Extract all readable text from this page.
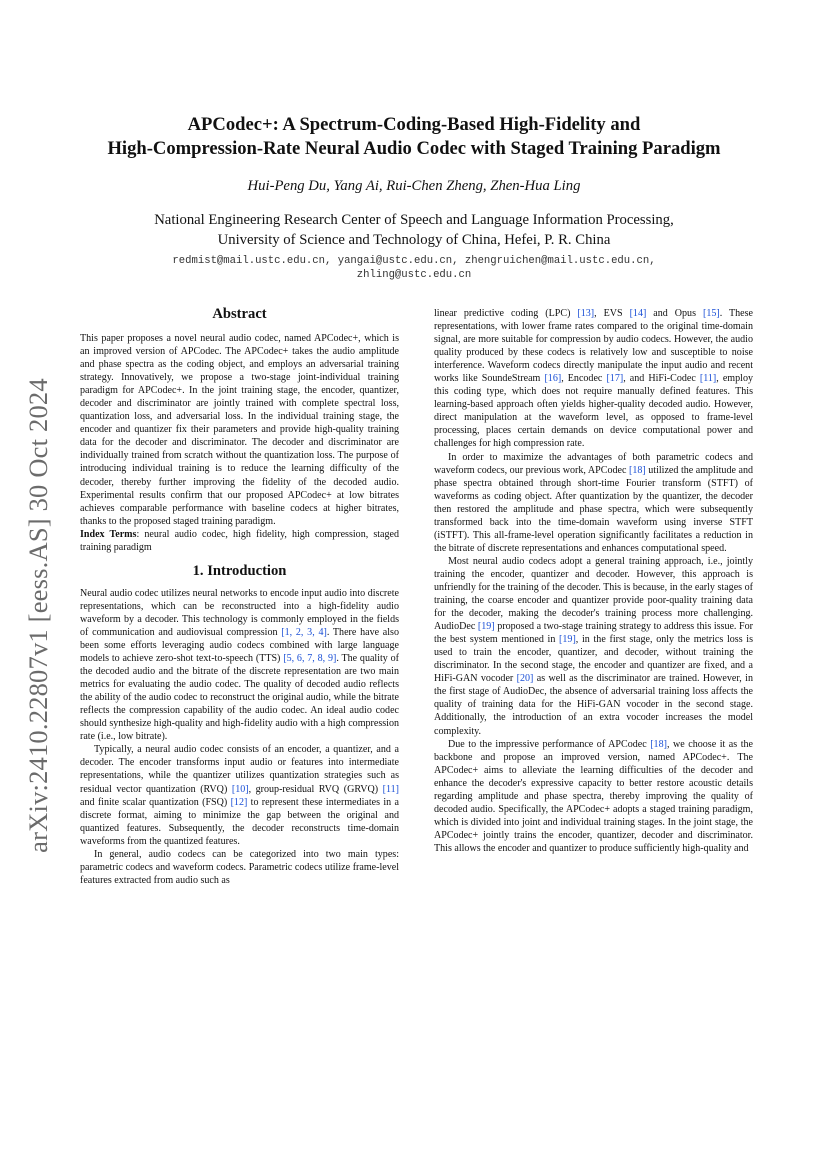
arXiv:2410.22807v1 [eess.AS] 30 Oct 2024
APCodec+: A Spectrum-Coding-Based High-Fidelity and
High-Compression-Rate Neural Audio Codec with Staged Training Paradigm

Hui-Peng Du, Yang Ai, Rui-Chen Zheng, Zhen-Hua Ling

National Engineering Research Center of Speech and Language Information Processing,
University of Science and Technology of China, Hefei, P. R. China

redmist@mail.ustc.edu.cn, yangai@ustc.edu.cn, zhengruichen@mail.ustc.edu.cn,
zhling@ustc.edu.cn

Abstract

This paper proposes a novel neural audio codec, named APCodec+, which is an improved version of APCodec. The APCodec+ takes the audio amplitude and phase spectra as the coding object, and employs an adversarial training strategy. Innovatively, we propose a two-stage joint-individual training paradigm for APCodec+. In the joint training stage, the encoder, quantizer, decoder and discriminator are jointly trained with complete spectral loss, quantization loss, and adversarial loss. In the individual training stage, the encoder and quantizer fix their parameters and provide high-quality training data for the decoder and discriminator. The decoder and discriminator are individually trained from scratch without the quantization loss. The purpose of introducing individual training is to reduce the learning difficulty of the decoder, thereby further improving the fidelity of the decoded audio. Experimental results confirm that our proposed APCodec+ at low bitrates achieves comparable performance with baseline codecs at higher bitrates, thanks to the proposed staged training paradigm.

Index Terms: neural audio codec, high fidelity, high compression, staged training paradigm

1. Introduction

Neural audio codec utilizes neural networks to encode input audio into discrete representations, which can be reconstructed into a high-fidelity audio waveform by a decoder. This technology is commonly employed in the fields of communication and audiovisual compression [1, 2, 3, 4]. There have also been some efforts leveraging audio codecs combined with large language models to achieve zero-shot text-to-speech (TTS) [5, 6, 7, 8, 9]. The quality of the decoded audio and the bitrate of the discrete representation are two main metrics for evaluating the audio codec. The quality of decoded audio reflects the ability of the audio codec to reconstruct the original audio, while the bitrate reflects the compression capability of the audio codec. An ideal audio codec should synthesize high-quality and high-fidelity audio with a high compression rate (i.e., low bitrate).

Typically, a neural audio codec consists of an encoder, a quantizer, and a decoder. The encoder transforms input audio or features into intermediate representations, while the quantizer utilizes quantization strategies such as residual vector quantization (RVQ) [10], group-residual RVQ (GRVQ) [11] and finite scalar quantization (FSQ) [12] to represent these intermediates in a discrete format, aiming to minimize the gap between the original and quantized features. Subsequently, the decoder reconstructs time-domain waveforms from the quantized features.

In general, audio codecs can be categorized into two main types: parametric codecs and waveform codecs. Parametric codecs utilize frame-level features extracted from audio such as

linear predictive coding (LPC) [13], EVS [14] and Opus [15]. These representations, with lower frame rates compared to the original time-domain signal, are more suitable for compression by audio codecs. However, the audio quality produced by these codecs is relatively low and susceptible to noise interference. Waveform codecs directly manipulate the input audio and recent works like SoundeStream [16], Encodec [17], and HiFi-Codec [11], employ this coding type, which does not require manually defined features. This learning-based approach often yields higher-quality decoded audio. However, direct manipulation at the waveform level, as opposed to frame-level processing, places certain demands on device computational power and challenges for high compression rate.

In order to maximize the advantages of both parametric codecs and waveform codecs, our previous work, APCodec [18] utilized the amplitude and phase spectra obtained through short-time Fourier transform (STFT) of waveforms as coding object. After quantization by the quantizer, the decoder then restored the amplitude and phase spectra, which were subsequently transformed back into the time-domain waveform using inverse STFT (iSTFT). This all-frame-level operation significantly facilitates a reduction in the bitrate of discrete representations and enhances computational speed.

Most neural audio codecs adopt a general training approach, i.e., jointly training the encoder, quantizer and decoder. However, this approach is unfriendly for the training of the decoder. This is because, in the early stages of training, the coarse encoder and quantizer provide poor-quality training data for the decoder, making the decoder's training process more challenging. AudioDec [19] proposed a two-stage training strategy to address this issue. For the best system mentioned in [19], in the first stage, only the metrics loss is used to train the encoder, quantizer, and decoder, without training the discriminator. In the second stage, the encoder and quantizer are fixed, and a HiFi-GAN vocoder [20] as well as the discriminator are trained. However, in the first stage of AudioDec, the absence of adversarial training loss affects the quality of training data for the HiFi-GAN vocoder in the second stage. Additionally, the introduction of an extra vocoder increases the model complexity.

Due to the impressive performance of APCodec [18], we choose it as the backbone and propose an improved version, named APCodec+. The APCodec+ aims to alleviate the learning difficulties of the decoder and enhance the decoder's expressive capacity to better restore acoustic details regarding amplitude and phase spectra, thereby improving the quality of decoded audio. Specifically, the APCodec+ adopts a staged training paradigm, which is divided into joint and individual training stages. In the joint stage, the APCodec+ jointly trains the encoder, quantizer, decoder and discriminator. This allows the encoder and quantizer to produce sufficiently high-quality and
